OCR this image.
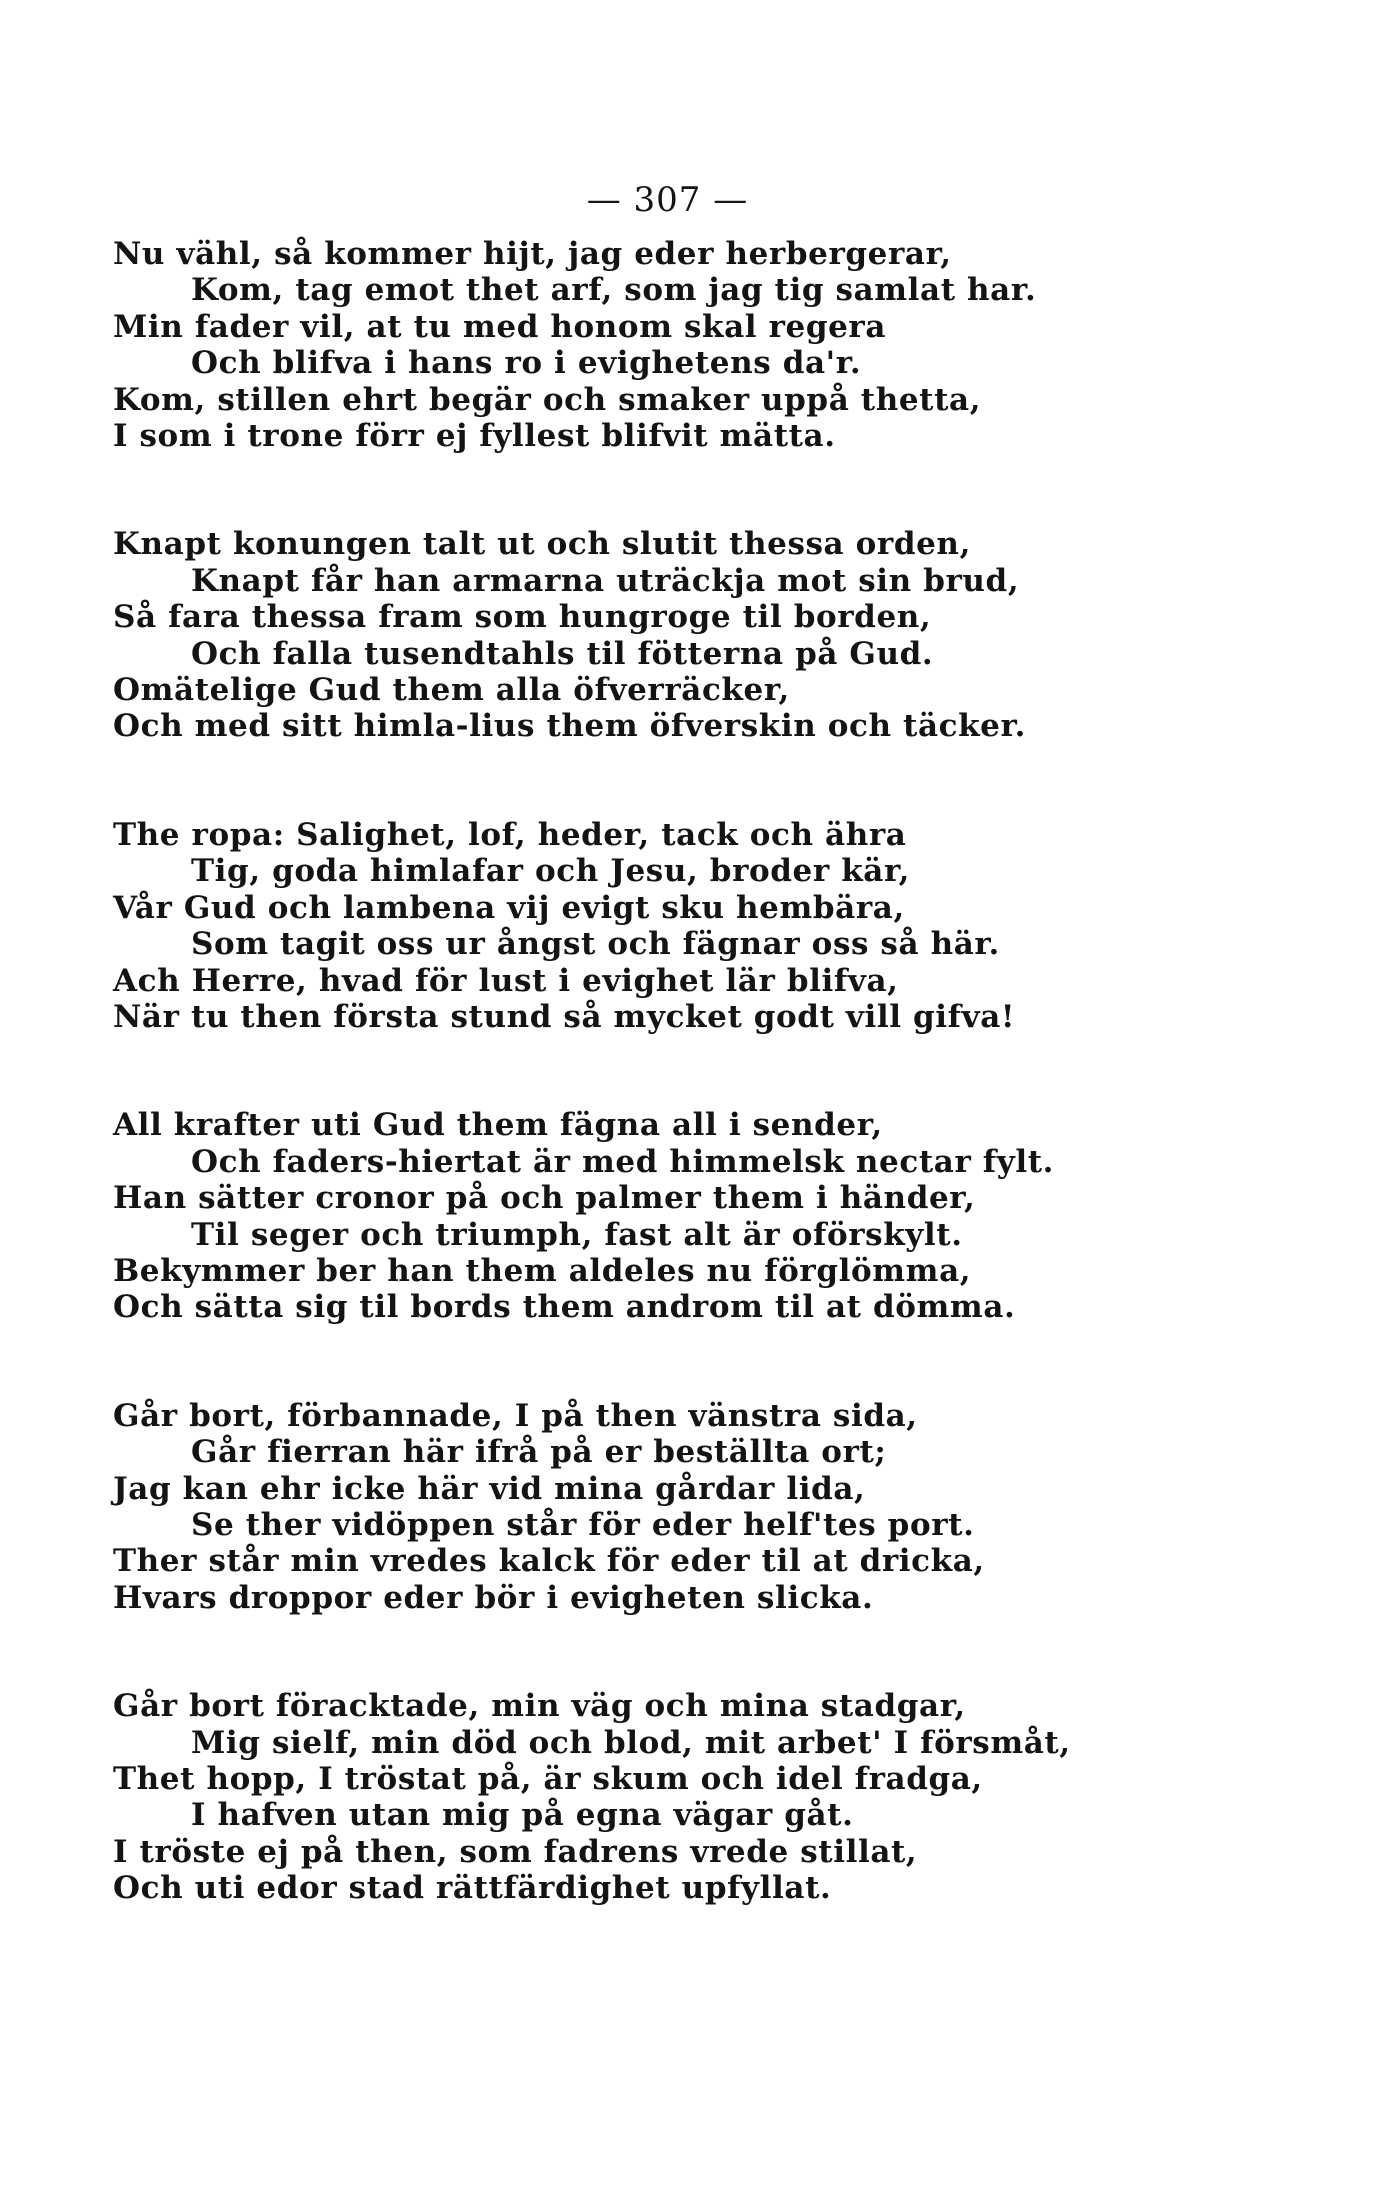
— 307 —
Nu vähl, så kommer hijt, jag eder herbergerar,
Kom, tag emot thet arf, som jag tig samlat har.
Min fader vil, at tu med honom skal regera
Och blifva i hans ro i evighetens da'r.
Kom, stillen ehrt begär och smaker uppå thetta,
I som i trone förr ej fyllest blifvit mätta.
Knapt konungen talt ut och slutit thessa orden,
Knapt får han armarna uträckja mot sin brud,
Så fara thessa fram som hungroge til borden,
Och falla tusendtahls til fötterna på Gud.
Omätelige Gud them alla öfverräcker,
Och med sitt himla-lius them öfverskin och täcker.
The ropa: Salighet, lof, heder, tack och ähra
Tig, goda himlafar och Jesu, broder kär,
Vår Gud och lambena vij evigt sku hembära,
Som tagit oss ur ångst och fägnar oss så här.
Ach Herre, hvad för lust i evighet lär blifva,
När tu then första stund så mycket godt vill gifva!
All krafter uti Gud them fägna all i sender,
Och faders-hiertat är med himmelsk nectar fylt.
Han sätter cronor på och palmer them i händer,
Til seger och triumph, fast alt är oförskylt.
Bekymmer ber han them aldeles nu förglömma,
Och sätta sig til bords them androm til at dömma.
Går bort, förbannade, I på then vänstra sida,
Går fierran här ifrå på er beställta ort;
Jag kan ehr icke här vid mina gårdar lida,
Se ther vidöppen står för eder helf'tes port.
Ther står min vredes kalck för eder til at dricka,
Hvars droppor eder bör i evigheten slicka.
Går bort föracktade, min väg och mina stadgar,
Mig sielf, min död och blod, mit arbet' I försmåt,
Thet hopp, I tröstat på, är skum och idel fradga,
I hafven utan mig på egna vägar gåt.
I tröste ej på then, som fadrens vrede stillat,
Och uti edor stad rättfärdighet upfyllat.
